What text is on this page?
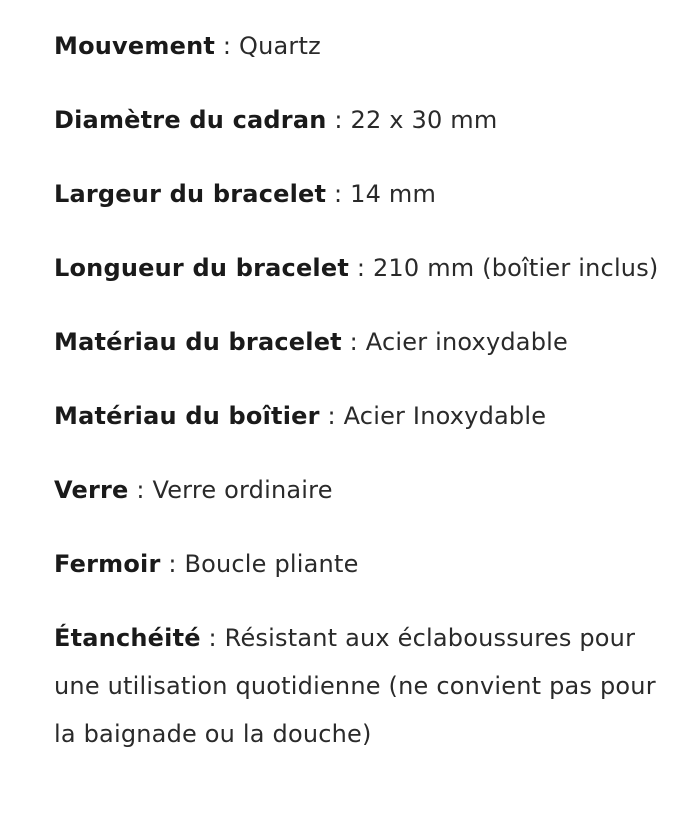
Mouvement : Quartz

Diamètre du cadran : 22 x 30 mm

Largeur du bracelet : 14 mm

Longueur du bracelet : 210 mm (boîtier inclus)

Matériau du bracelet : Acier inoxydable

Matériau du boîtier : Acier Inoxydable

Verre : Verre ordinaire

Fermoir : Boucle pliante

Étanchéité : Résistant aux éclaboussures pour une utilisation quotidienne (ne convient pas pour la baignade ou la douche)
